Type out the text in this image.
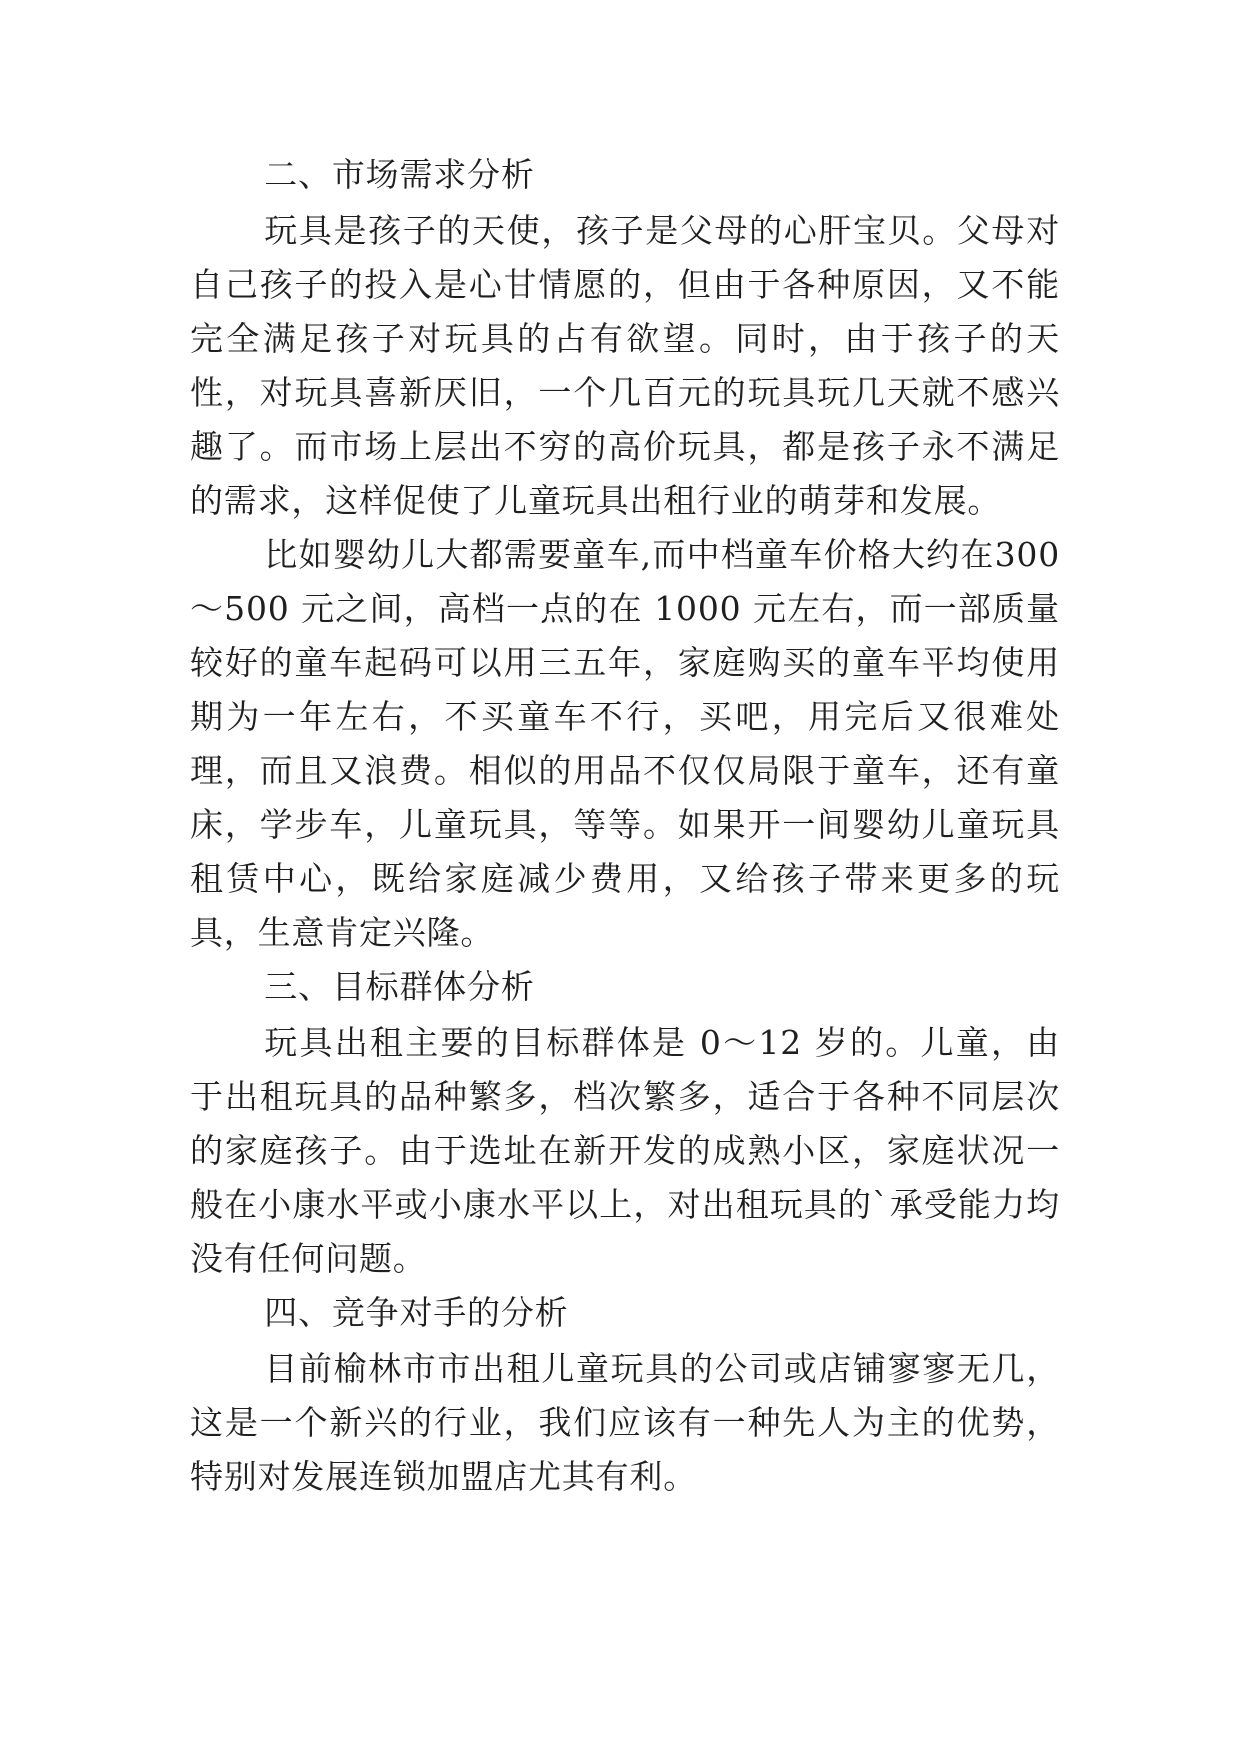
二、市场需求分析

玩具是孩子的天使，孩子是父母的心肝宝贝。父母对自己孩子的投入是心甘情愿的，但由于各种原因，又不能完全满足孩子对玩具的占有欲望。同时，由于孩子的天性，对玩具喜新厌旧，一个几百元的玩具玩几天就不感兴趣了。而市场上层出不穷的高价玩具，都是孩子永不满足的需求，这样促使了儿童玩具出租行业的萌芽和发展。

比如婴幼儿大都需要童车,而中档童车价格大约在300～500 元之间，高档一点的在 1000 元左右，而一部质量较好的童车起码可以用三五年，家庭购买的童车平均使用期为一年左右，不买童车不行，买吧，用完后又很难处理，而且又浪费。相似的用品不仅仅局限于童车，还有童床，学步车，儿童玩具，等等。如果开一间婴幼儿童玩具租赁中心，既给家庭减少费用，又给孩子带来更多的玩具，生意肯定兴隆。

三、目标群体分析

玩具出租主要的目标群体是 0～12 岁的。儿童，由于出租玩具的品种繁多，档次繁多，适合于各种不同层次的家庭孩子。由于选址在新开发的成熟小区，家庭状况一般在小康水平或小康水平以上，对出租玩具的`承受能力均没有任何问题。

四、竞争对手的分析

目前榆林市市出租儿童玩具的公司或店铺寥寥无几，这是一个新兴的行业，我们应该有一种先人为主的优势，特别对发展连锁加盟店尤其有利。
